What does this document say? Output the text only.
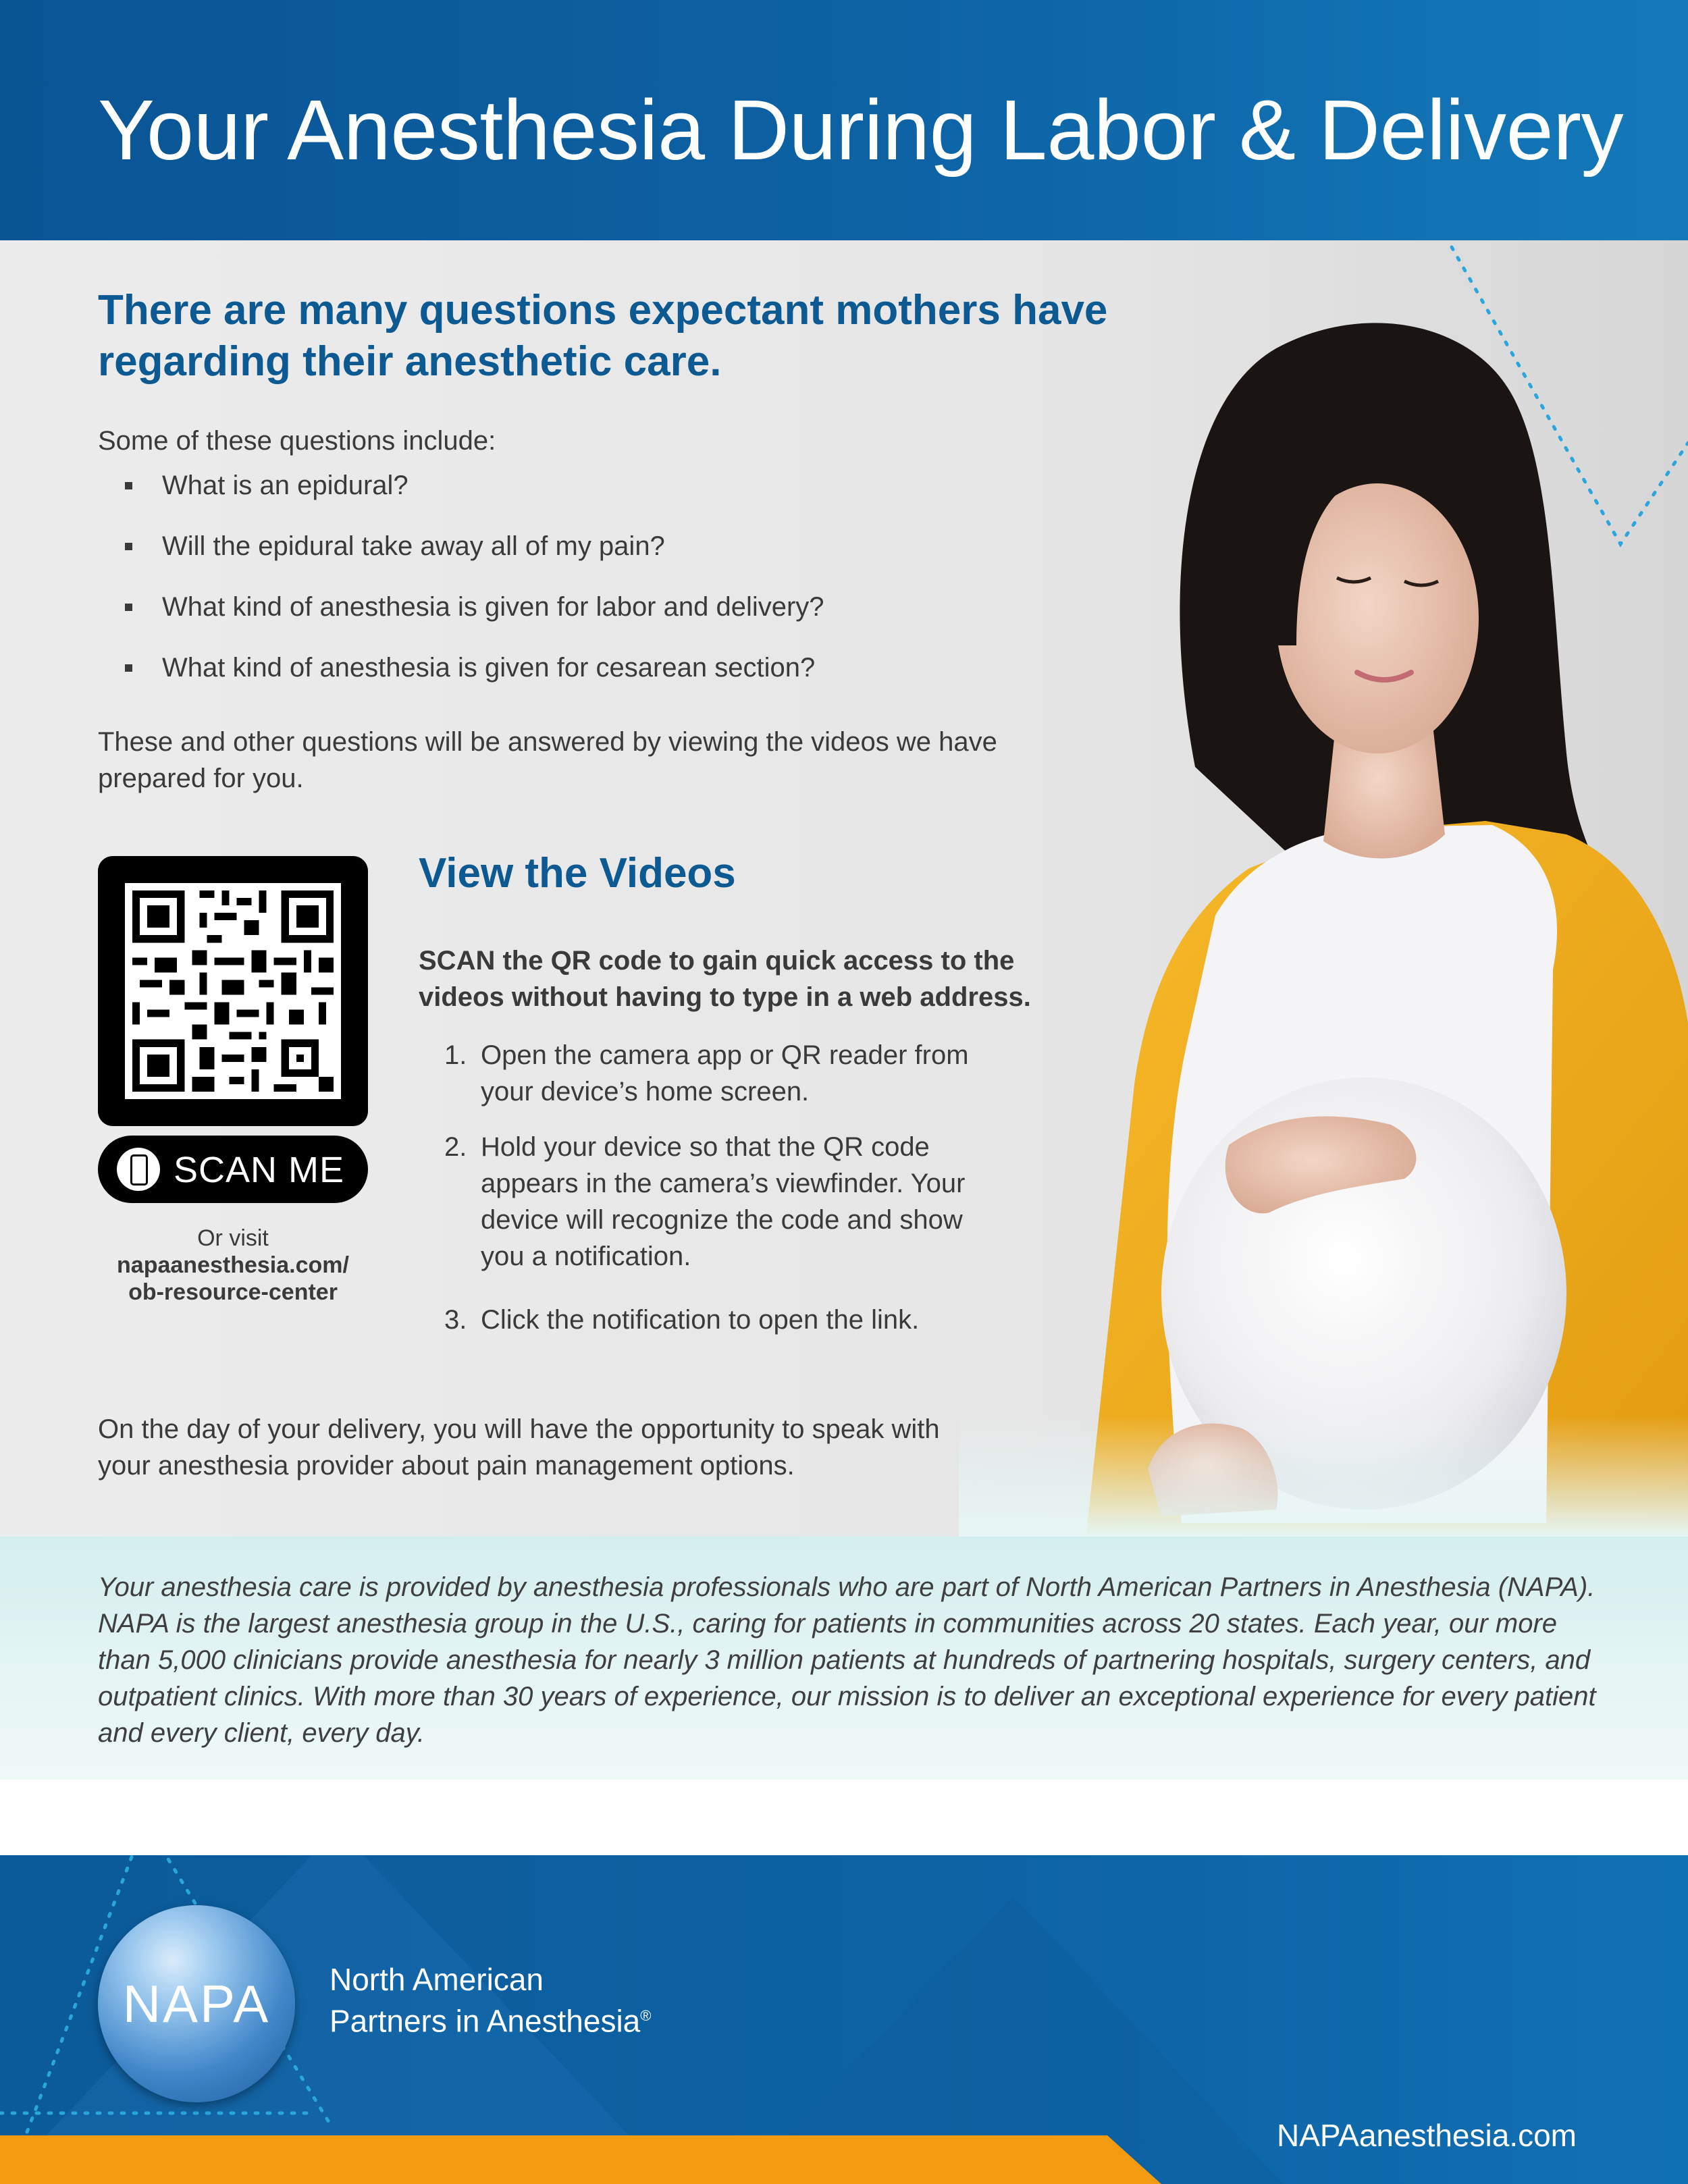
Your Anesthesia During Labor & Delivery
There are many questions expectant mothers have regarding their anesthetic care.
Some of these questions include:
What is an epidural?
Will the epidural take away all of my pain?
What kind of anesthesia is given for labor and delivery?
What kind of anesthesia is given for cesarean section?
These and other questions will be answered by viewing the videos we have prepared for you.
SCAN ME
Or visit
napaanesthesia.com/
ob-resource-center
View the Videos
SCAN the QR code to gain quick access to the videos without having to type in a web address.
1. Open the camera app or QR reader from your device’s home screen.
2. Hold your device so that the QR code appears in the camera’s viewfinder. Your device will recognize the code and show you a notification.
3. Click the notification to open the link.
On the day of your delivery, you will have the opportunity to speak with your anesthesia provider about pain management options.

Your anesthesia care is provided by anesthesia professionals who are part of North American Partners in Anesthesia (NAPA). NAPA is the largest anesthesia group in the U.S., caring for patients in communities across 20 states. Each year, our more than 5,000 clinicians provide anesthesia for nearly 3 million patients at hundreds of partnering hospitals, surgery centers, and outpatient clinics. With more than 30 years of experience, our mission is to deliver an exceptional experience for every patient and every client, every day.

NAPA	North American
Partners in Anesthesia®
NAPAanesthesia.com
